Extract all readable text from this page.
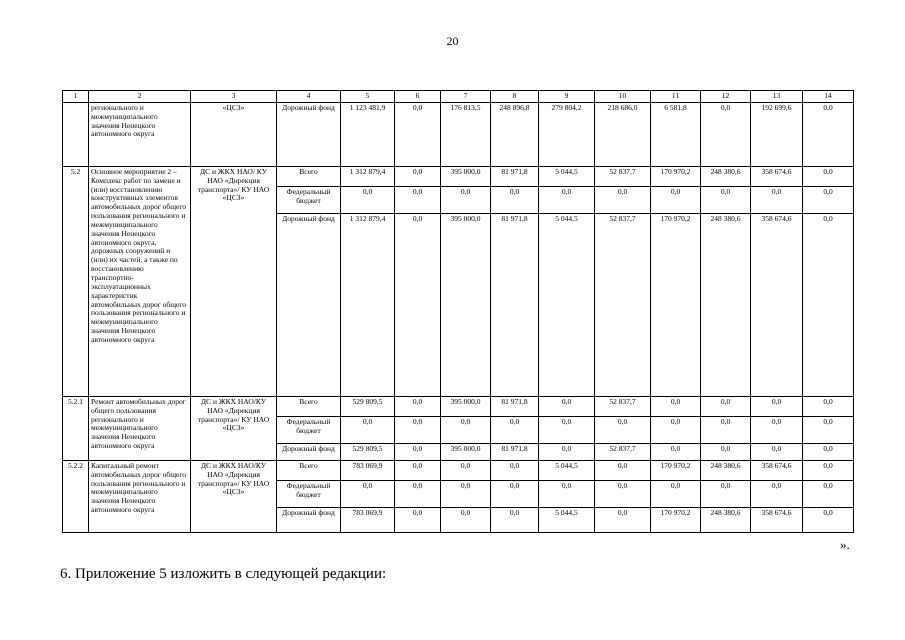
20
1	2	3	4	5	6	7	8	9	10	11	12	13	14
	регионального и межмуниципального значения Ненецкого автономного округа	«ЦСЗ»	Дорожный фонд	1 123 481,9	0,0	176 813,5	248 896,8	279 804,2	218 686,0	6 581,8	0,0	192 699,6	0,0
5.2	Основное мероприятие 2 – Комплекс работ по замене и (или) восстановлению конструктивных элементов автомобильных дорог общего пользования регионального и межмуниципального значения Ненецкого автономного округа, дорожных сооружений и (или) их частей, а также по восстановлению транспортно-эксплуатационных характеристик автомобильных дорог общего пользования регионального и межмуниципального значения Ненецкого автономного округа	ДС и ЖКХ НАО/ КУ НАО «Дирекция транспорта»/ КУ НАО «ЦСЗ»	Всего	1 312 879,4	0,0	395 000,0	81 971,8	5 044,5	52 837,7	170 970,2	248 380,6	358 674,6	0,0
			Федеральный бюджет	0,0	0,0	0,0	0,0	0,0	0,0	0,0	0,0	0,0	0,0
			Дорожный фонд	1 312 879,4	0,0	395 000,0	81 971,8	5 044,5	52 837,7	170 970,2	248 380,6	358 674,6	0,0
5.2.1	Ремонт автомобильных дорог общего пользования регионального и межмуниципального значения Ненецкого автономного округа	ДС и ЖКХ НАО/КУ НАО «Дирекция транспорта»/ КУ НАО «ЦСЗ»	Всего	529 809,5	0,0	395 000,0	81 971,8	0,0	52 837,7	0,0	0,0	0,0	0,0
			Федеральный бюджет	0,0	0,0	0,0	0,0	0,0	0,0	0,0	0,0	0,0	0,0
			Дорожный фонд	529 809,5	0,0	395 000,0	81 971,8	0,0	52 837,7	0,0	0,0	0,0	0,0
5.2.2	Капитальный ремонт автомобильных дорог общего пользования регионального и межмуниципального значения Ненецкого автономного округа	ДС и ЖКХ НАО/КУ НАО «Дирекция транспорта»/ КУ НАО «ЦСЗ»	Всего	783 069,9	0,0	0,0	0,0	5 044,5	0,0	170 970,2	248 380,6	358 674,6	0,0
			Федеральный бюджет	0,0	0,0	0,0	0,0	0,0	0,0	0,0	0,0	0,0	0,0
			Дорожный фонд	783 069,9	0,0	0,0	0,0	5 044,5	0,0	170 970,2	248 380,6	358 674,6	0,0
».
6. Приложение 5 изложить в следующей редакции:
